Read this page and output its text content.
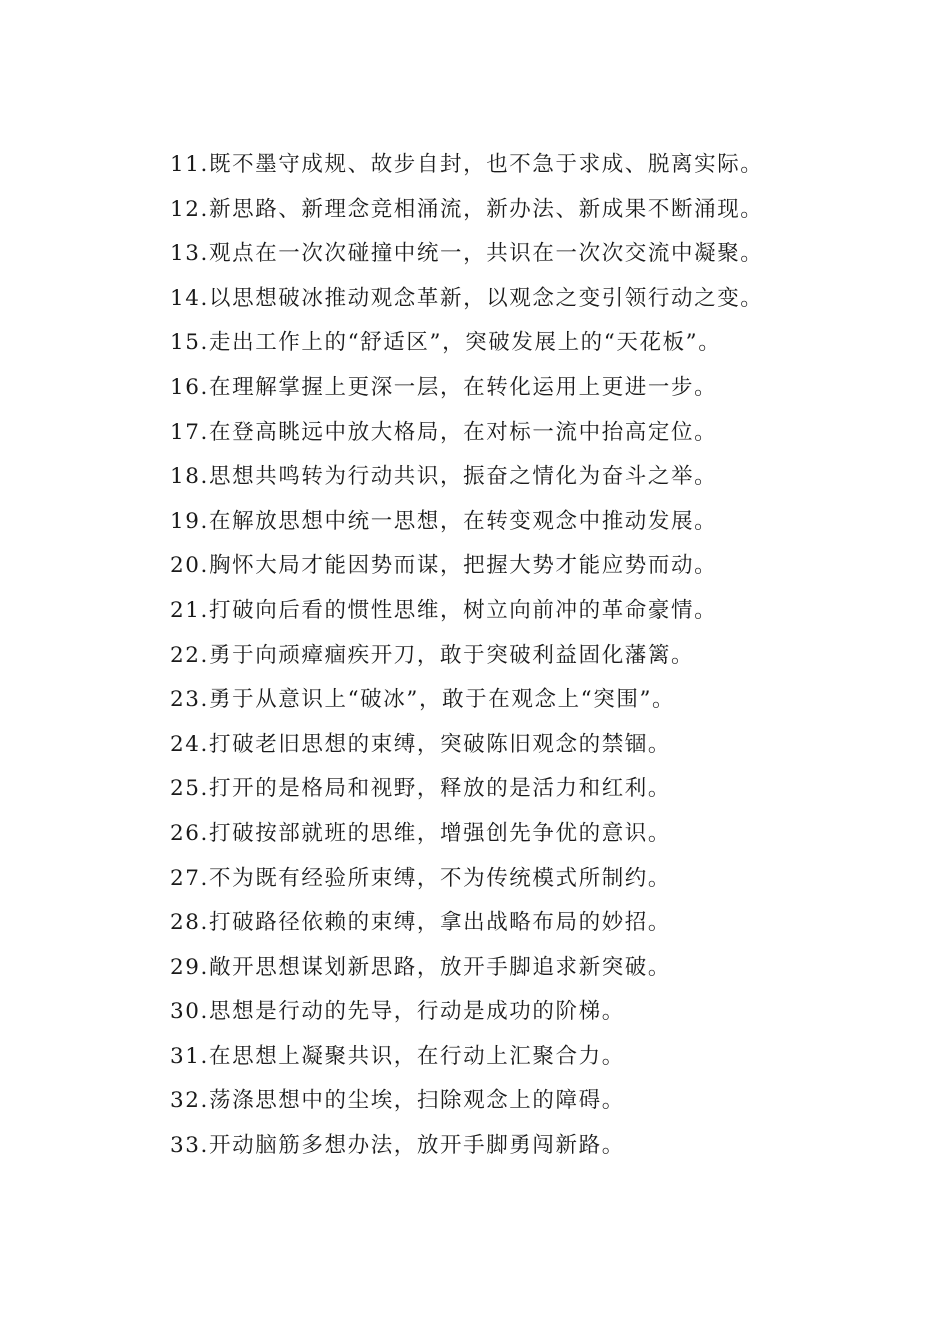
11.既不墨守成规、故步自封，也不急于求成、脱离实际。
12.新思路、新理念竞相涌流，新办法、新成果不断涌现。
13.观点在一次次碰撞中统一，共识在一次次交流中凝聚。
14.以思想破冰推动观念革新，以观念之变引领行动之变。
15.走出工作上的“舒适区”，突破发展上的“天花板”。
16.在理解掌握上更深一层，在转化运用上更进一步。
17.在登高眺远中放大格局，在对标一流中抬高定位。
18.思想共鸣转为行动共识，振奋之情化为奋斗之举。
19.在解放思想中统一思想，在转变观念中推动发展。
20.胸怀大局才能因势而谋，把握大势才能应势而动。
21.打破向后看的惯性思维，树立向前冲的革命豪情。
22.勇于向顽瘴痼疾开刀，敢于突破利益固化藩篱。
23.勇于从意识上“破冰”，敢于在观念上“突围”。
24.打破老旧思想的束缚，突破陈旧观念的禁锢。
25.打开的是格局和视野，释放的是活力和红利。
26.打破按部就班的思维，增强创先争优的意识。
27.不为既有经验所束缚，不为传统模式所制约。
28.打破路径依赖的束缚，拿出战略布局的妙招。
29.敞开思想谋划新思路，放开手脚追求新突破。
30.思想是行动的先导，行动是成功的阶梯。
31.在思想上凝聚共识，在行动上汇聚合力。
32.荡涤思想中的尘埃，扫除观念上的障碍。
33.开动脑筋多想办法，放开手脚勇闯新路。
